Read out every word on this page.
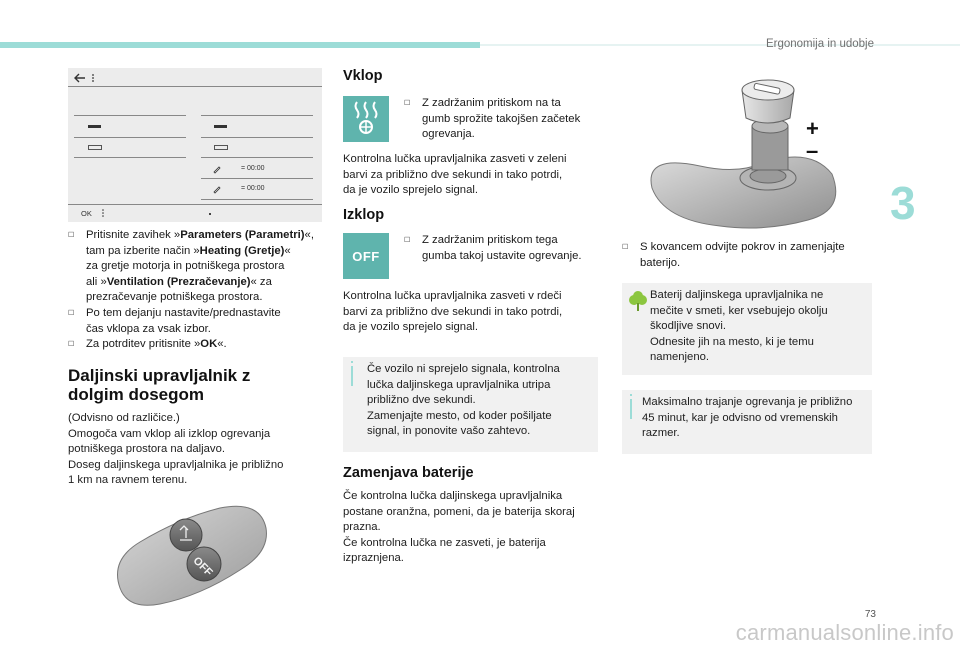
Ergonomija in udobje
3
= 00:00
= 00:00
OK
☐	Pritisnite zavihek »Parameters (Parametri)«,
tam pa izberite način »Heating (Gretje)«
za gretje motorja in potniškega prostora
ali »Ventilation (Prezračevanje)« za
prezračevanje potniškega prostora.
☐	Po tem dejanju nastavite/prednastavite
čas vklopa za vsak izbor.
☐	Za potrditev pritisnite »OK«.
Daljinski upravljalnik z
dolgim dosegom
(Odvisno od različice.)
Omogoča vam vklop ali izklop ogrevanja
potniškega prostora na daljavo.
Doseg daljinskega upravljalnika je približno
1 km na ravnem terenu.
OFF
Vklop
☐	Z zadržanim pritiskom na ta
gumb sprožite takojšen začetek
ogrevanja.
Kontrolna lučka upravljalnika zasveti v zeleni
barvi za približno dve sekundi in tako potrdi,
da je vozilo sprejelo signal.
Izklop
OFF
☐	Z zadržanim pritiskom tega
gumba takoj ustavite ogrevanje.
Kontrolna lučka upravljalnika zasveti v rdeči
barvi za približno dve sekundi in tako potrdi,
da je vozilo sprejelo signal.
Če vozilo ni sprejelo signala, kontrolna
lučka daljinskega upravljalnika utripa
približno dve sekundi.
Zamenjajte mesto, od koder pošiljate
signal, in ponovite vašo zahtevo.
Zamenjava baterije
Če kontrolna lučka daljinskega upravljalnika
postane oranžna, pomeni, da je baterija skoraj
prazna.
Če kontrolna lučka ne zasveti, je baterija
izpraznjena.
+
–
☐	S kovancem odvijte pokrov in zamenjajte
baterijo.
Baterij daljinskega upravljalnika ne
mečite v smeti, ker vsebujejo okolju
škodljive snovi.
Odnesite jih na mesto, ki je temu
namenjeno.
Maksimalno trajanje ogrevanja je približno
45 minut, kar je odvisno od vremenskih
razmer.
73
carmanualsonline.info
